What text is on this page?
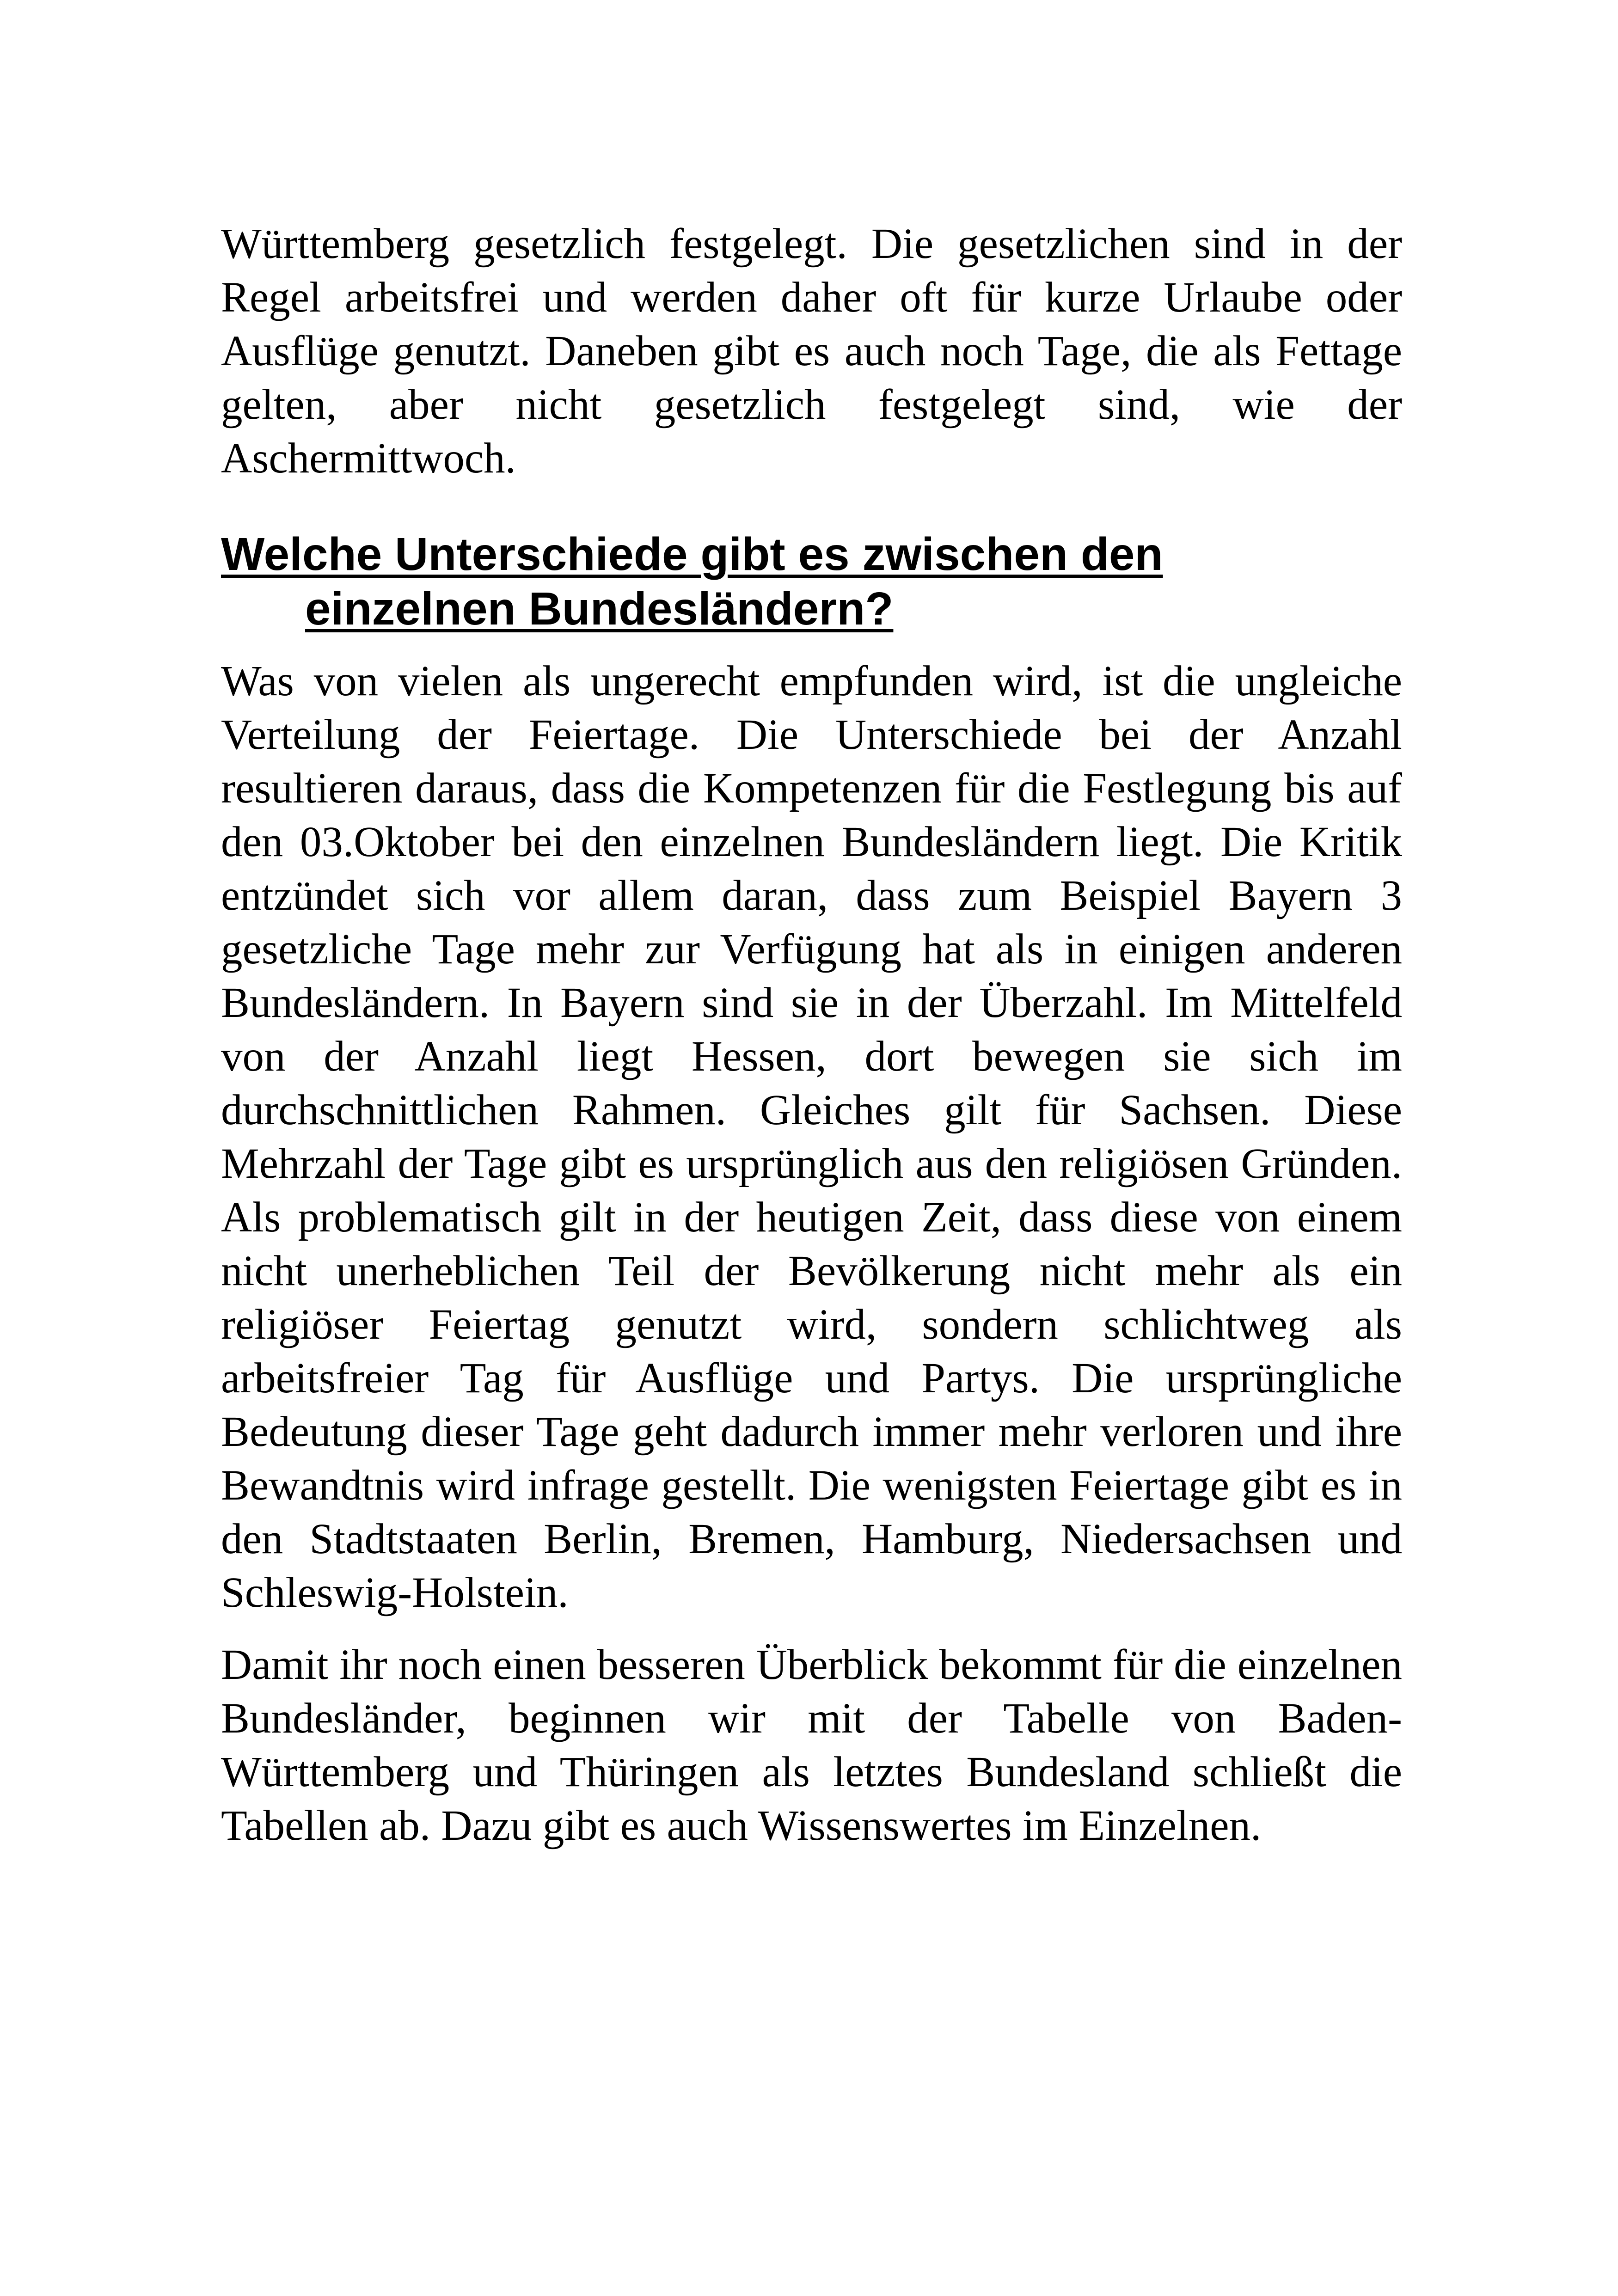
Württemberg gesetzlich festgelegt. Die gesetzlichen sind in der Regel arbeitsfrei und werden daher oft für kurze Urlaube oder Ausflüge genutzt. Daneben gibt es auch noch Tage, die als Fettage gelten, aber nicht gesetzlich festgelegt sind, wie der Aschermittwoch.

Welche Unterschiede gibt es zwischen den
einzelnen Bundesländern?

Was von vielen als ungerecht empfunden wird, ist die ungleiche Verteilung der Feiertage. Die Unterschiede bei der Anzahl resultieren daraus, dass die Kompetenzen für die Festlegung bis auf den 03.Oktober bei den einzelnen Bundesländern liegt. Die Kritik entzündet sich vor allem daran, dass zum Beispiel Bayern 3 gesetzliche Tage mehr zur Verfügung hat als in einigen anderen Bundesländern. In Bayern sind sie in der Überzahl. Im Mittelfeld von der Anzahl liegt Hessen, dort bewegen sie sich im durchschnittlichen Rahmen. Gleiches gilt für Sachsen. Diese Mehrzahl der Tage gibt es ursprünglich aus den religiösen Gründen. Als problematisch gilt in der heutigen Zeit, dass diese von einem nicht unerheblichen Teil der Bevölkerung nicht mehr als ein religiöser Feiertag genutzt wird, sondern schlichtweg als arbeitsfreier Tag für Ausflüge und Partys. Die ursprüngliche Bedeutung dieser Tage geht dadurch immer mehr verloren und ihre Bewandtnis wird infrage gestellt. Die wenigsten Feiertage gibt es in den Stadtstaaten Berlin, Bremen, Hamburg, Niedersachsen und Schleswig-Holstein.

Damit ihr noch einen besseren Überblick bekommt für die einzelnen Bundesländer, beginnen wir mit der Tabelle von Baden-Württemberg und Thüringen als letztes Bundesland schließt die Tabellen ab. Dazu gibt es auch Wissenswertes im Einzelnen.
